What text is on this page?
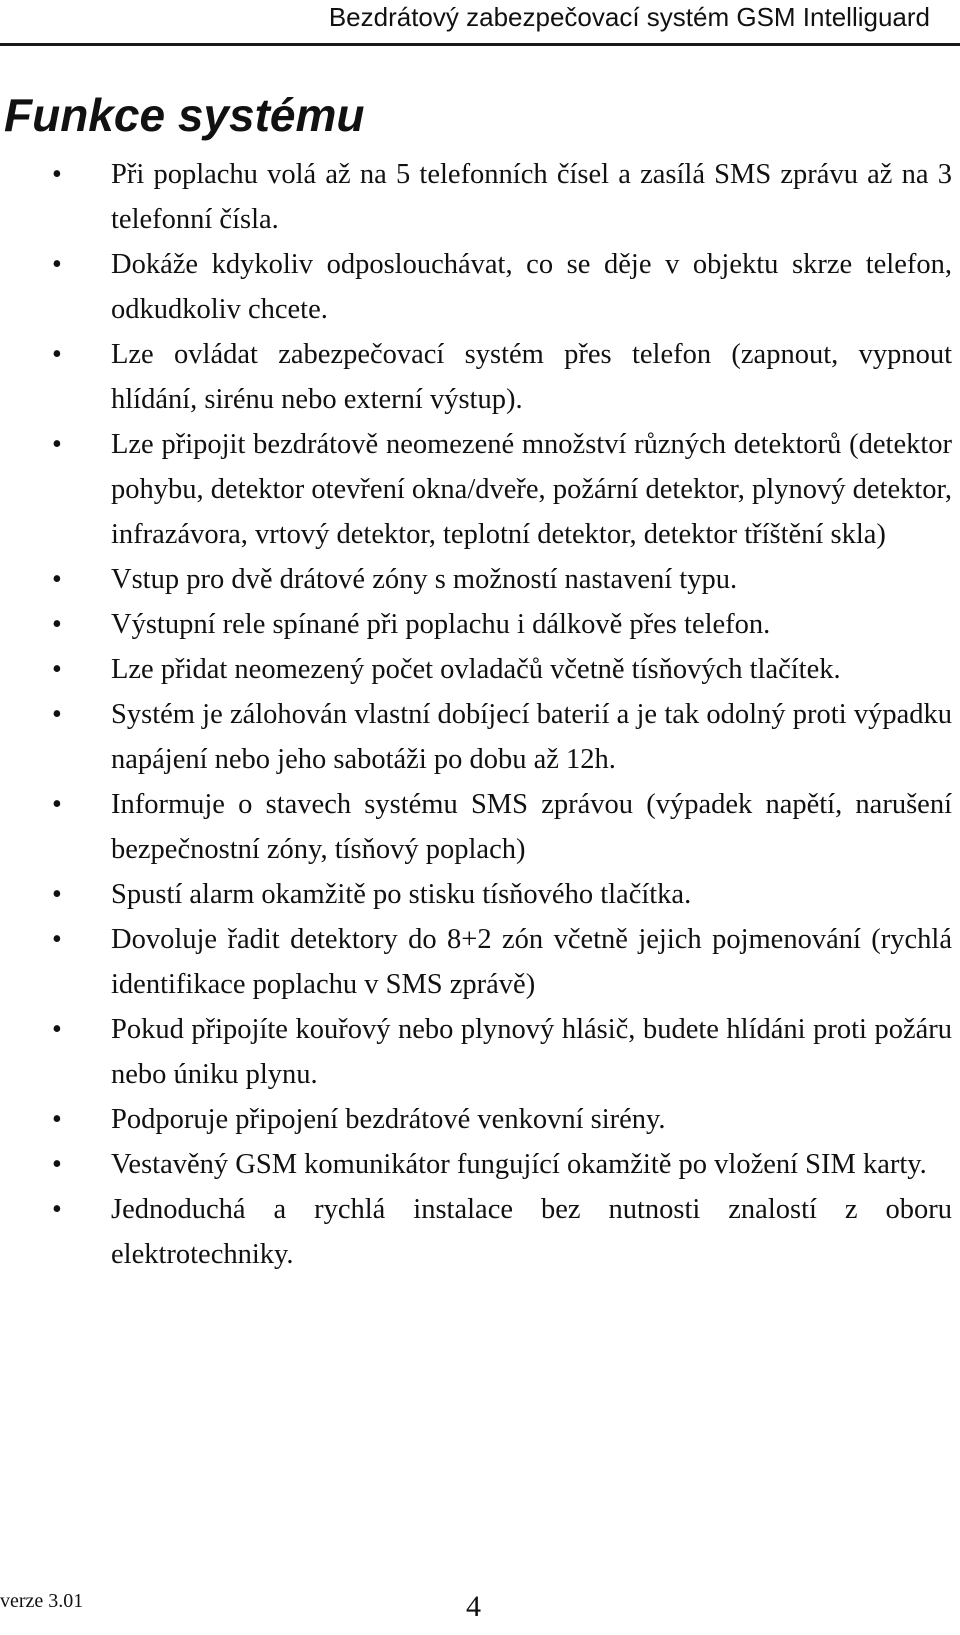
Bezdrátový zabezpečovací systém GSM Intelliguard
Funkce systému
•	Při poplachu volá až na 5 telefonních čísel a zasílá SMS zprávu až na 3 telefonní čísla.
•	Dokáže kdykoliv odposlouchávat, co se děje v objektu skrze telefon, odkudkoliv chcete.
•	Lze ovládat zabezpečovací systém přes telefon (zapnout, vypnout hlídání, sirénu nebo externí výstup).
•	Lze připojit bezdrátově neomezené množství různých detektorů (detektor pohybu, detektor otevření okna/dveře, požární detektor, plynový detektor, infrazávora, vrtový detektor, teplotní detektor, detektor tříštění skla)
•	Vstup pro dvě drátové zóny s možností nastavení typu.
•	Výstupní rele spínané při poplachu i dálkově přes telefon.
•	Lze přidat neomezený počet ovladačů včetně tísňových tlačítek.
•	Systém je zálohován vlastní dobíjecí baterií a je tak odolný proti výpadku napájení nebo jeho sabotáži po dobu až 12h.
•	Informuje o stavech systému SMS zprávou (výpadek napětí, narušení bezpečnostní zóny, tísňový poplach)
•	Spustí alarm okamžitě po stisku tísňového tlačítka.
•	Dovoluje řadit detektory do 8+2 zón včetně jejich pojmenování (rychlá identifikace poplachu v SMS zprávě)
•	Pokud připojíte kouřový nebo plynový hlásič, budete hlídáni proti požáru nebo úniku plynu.
•	Podporuje připojení bezdrátové venkovní sirény.
•	Vestavěný GSM komunikátor fungující okamžitě po vložení SIM karty.
•	Jednoduchá a rychlá instalace bez nutnosti znalostí z oboru elektrotechniky.
verze 3.01	4
